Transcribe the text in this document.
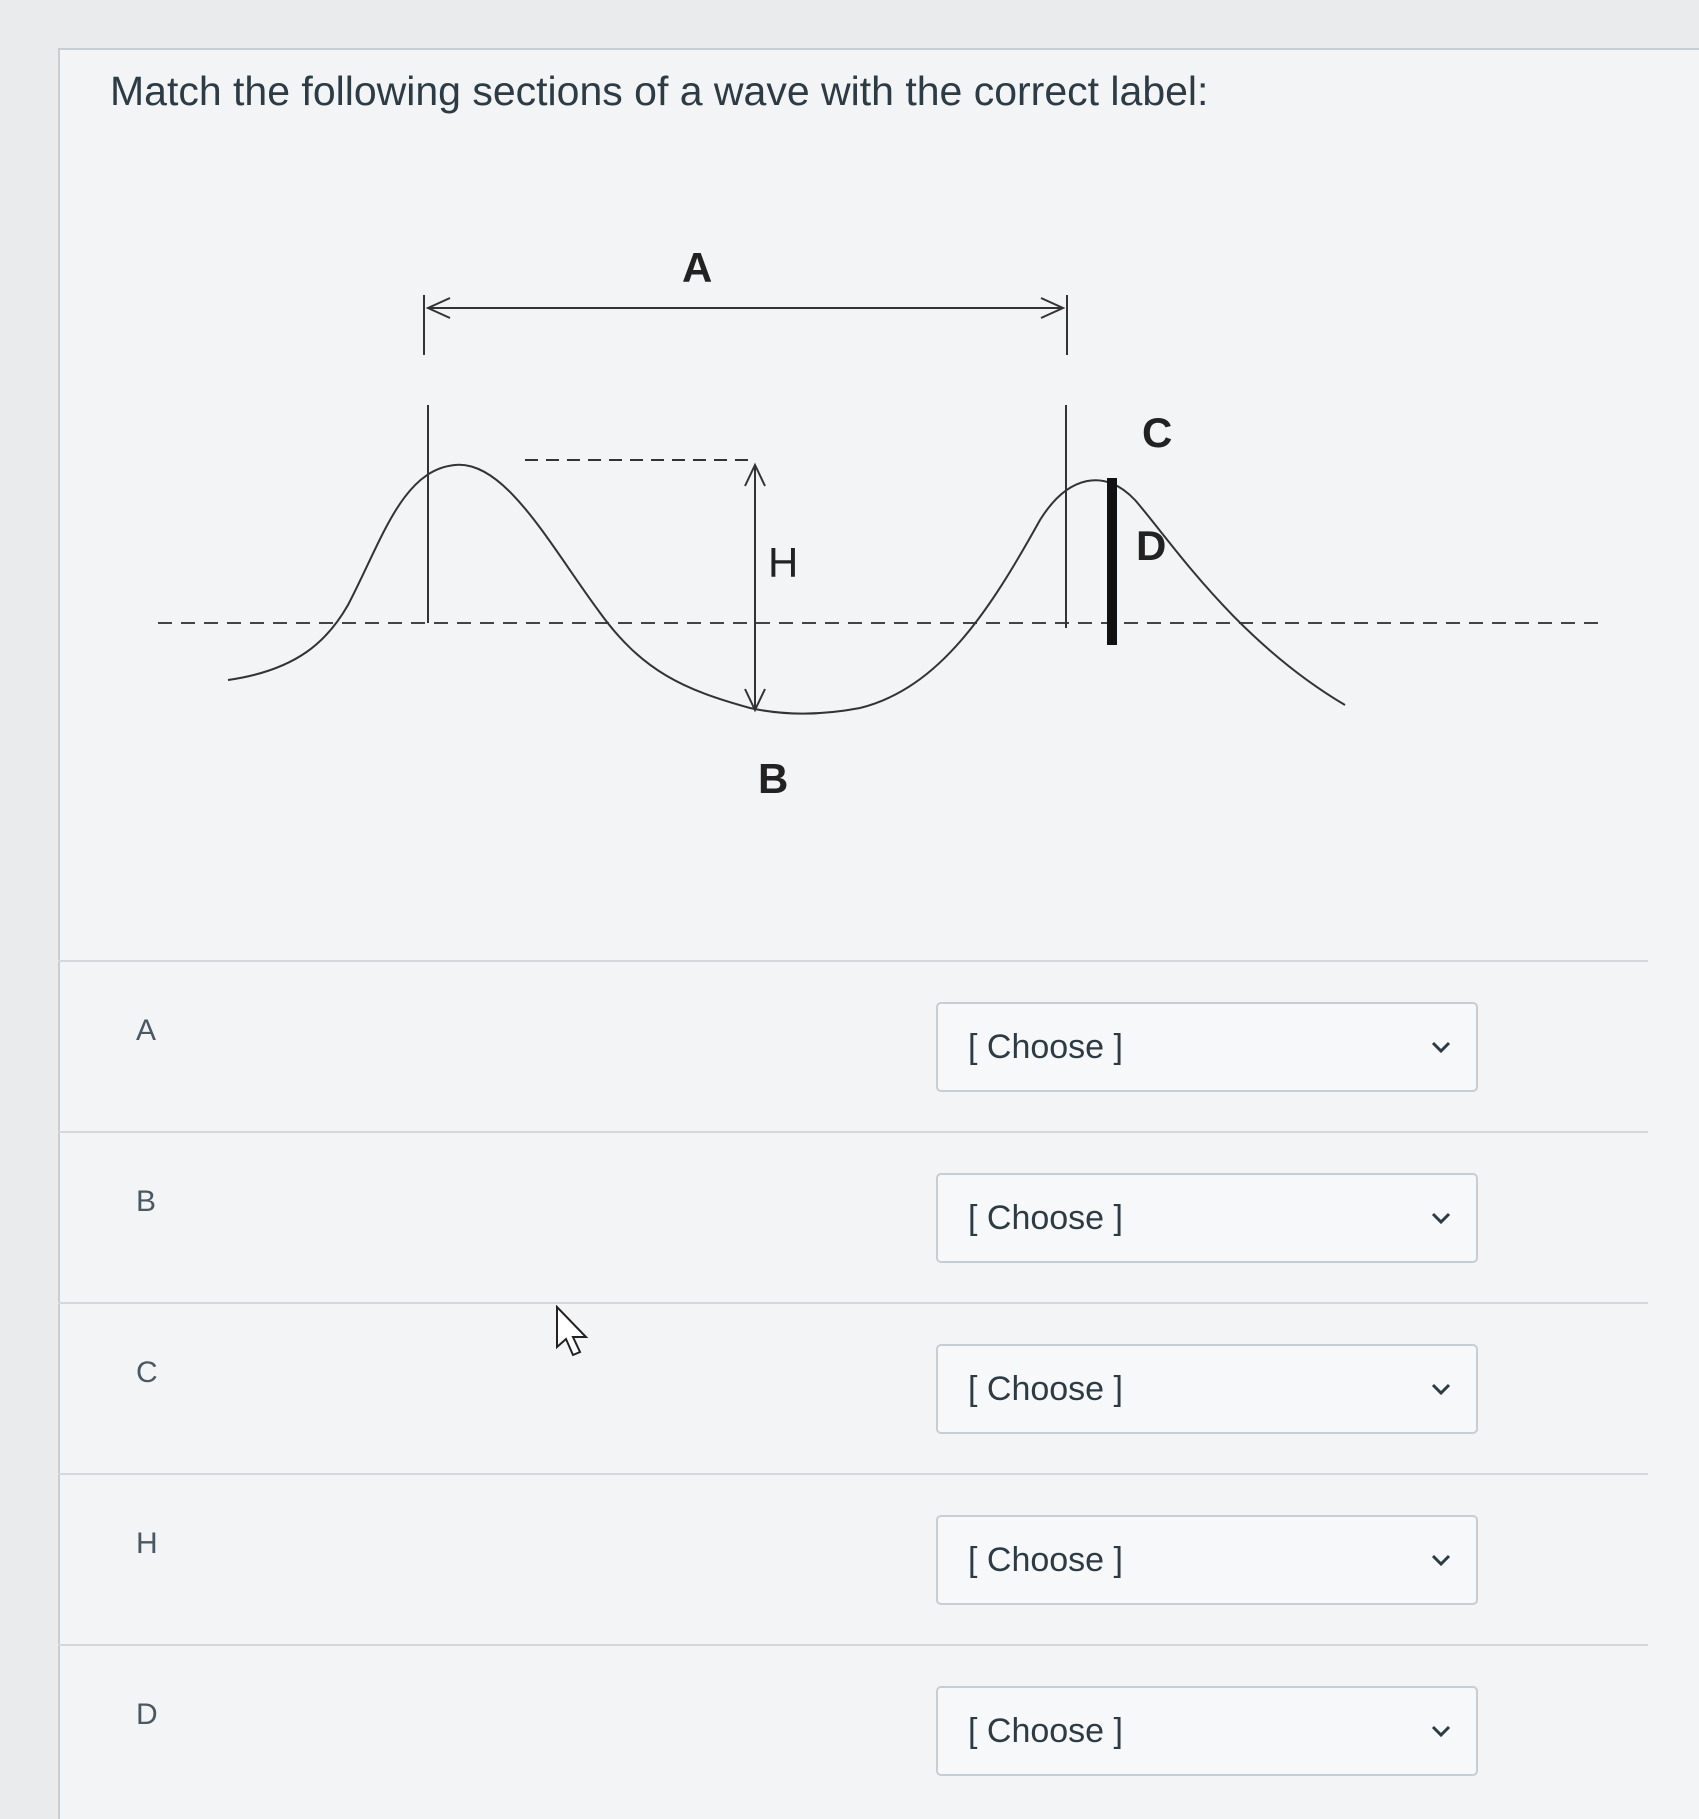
Match the following sections of a wave with the correct label:
A
H
C
D
B
A	[ Choose ]
B	[ Choose ]
C	[ Choose ]
H	[ Choose ]
D	[ Choose ]
